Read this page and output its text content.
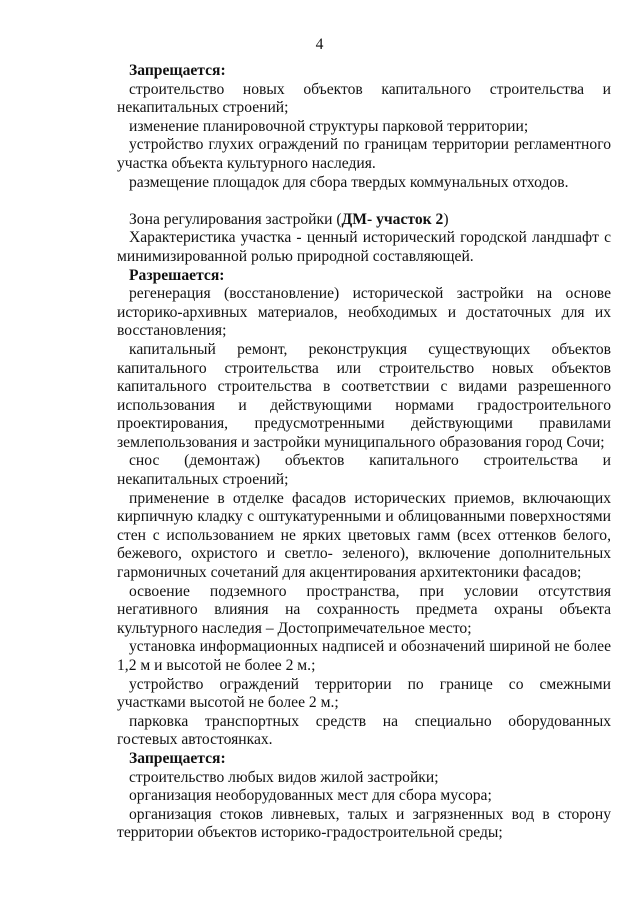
4

Запрещается:

строительство новых объектов капитального строительства и некапитальных строений;

изменение планировочной структуры парковой территории;

устройство глухих ограждений по границам территории регламентного участка объекта культурного наследия.

размещение площадок для сбора твердых коммунальных отходов.

Зона регулирования застройки (ДМ- участок 2)

Характеристика участка - ценный исторический городской ландшафт с минимизированной ролью природной составляющей.

Разрешается:

регенерация (восстановление) исторической застройки на основе историко-архивных материалов, необходимых и достаточных для их восстановления;

капитальный ремонт, реконструкция существующих объектов капитального строительства или строительство новых объектов капитального строительства в соответствии с видами разрешенного использования и действующими нормами градостроительного проектирования, предусмотренными действующими правилами землепользования и застройки муниципального образования город Сочи;

снос (демонтаж) объектов капитального строительства и некапитальных строений;

применение в отделке фасадов исторических приемов, включающих кирпичную кладку с оштукатуренными и облицованными поверхностями стен с использованием не ярких цветовых гамм (всех оттенков белого, бежевого, охристого и светло- зеленого), включение дополнительных гармоничных сочетаний для акцентирования архитектоники фасадов;

освоение подземного пространства, при условии отсутствия негативного влияния на сохранность предмета охраны объекта культурного наследия – Достопримечательное место;

установка информационных надписей и обозначений шириной не более 1,2 м и высотой не более 2 м.;

устройство ограждений территории по границе со смежными участками высотой не более 2 м.;

парковка транспортных средств на специально оборудованных гостевых автостоянках.

Запрещается:

строительство любых видов жилой застройки;

организация необорудованных мест для сбора мусора;

организация стоков ливневых, талых и загрязненных вод в сторону территории объектов историко-градостроительной среды;
